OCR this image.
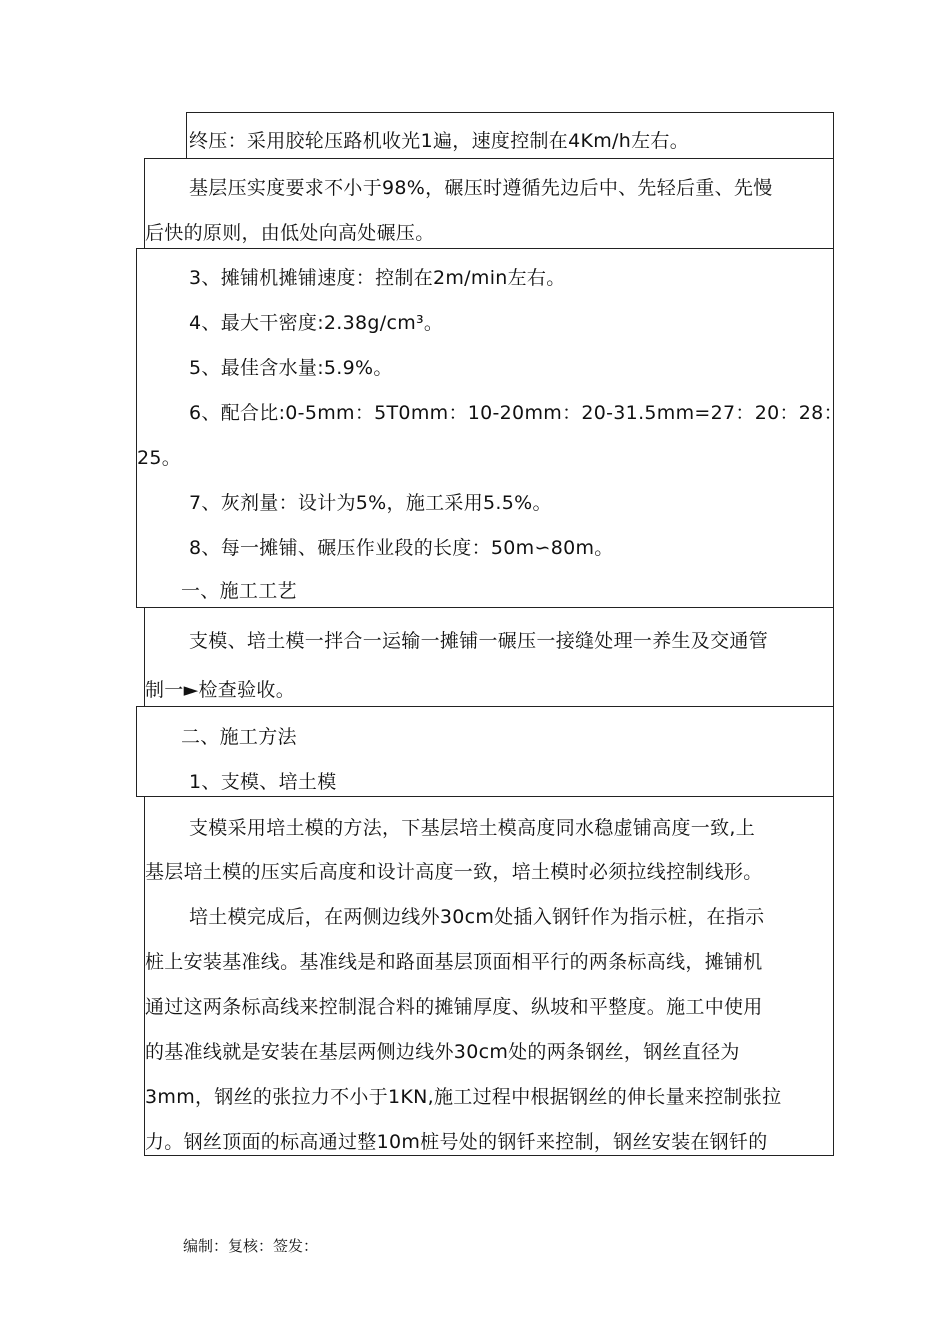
终压：采用胶轮压路机收光1遍，速度控制在4Km/h左右。
基层压实度要求不小于98%，碾压时遵循先边后中、先轻后重、先慢
后快的原则，由低处向高处碾压。
3、摊铺机摊铺速度：控制在2m/min左右。
4、最大干密度:2.38g/cm³。
5、最佳含水量:5.9%。
6、配合比:0-5mm：5T0mm：10-20mm：20-31.5mm=27：20：28：
25。
7、灰剂量：设计为5%，施工采用5.5%。
8、每一摊铺、碾压作业段的长度：50m∽80m。
一、施工工艺
支模、培土模一拌合一运输一摊铺一碾压一接缝处理一养生及交通管
制一►检查验收。
二、施工方法
1、支模、培土模
支模采用培土模的方法，下基层培土模高度同水稳虚铺高度一致,上
基层培土模的压实后高度和设计高度一致，培土模时必须拉线控制线形。
培土模完成后，在两侧边线外30cm处插入钢钎作为指示桩，在指示
桩上安装基准线。基准线是和路面基层顶面相平行的两条标高线，摊铺机
通过这两条标高线来控制混合料的摊铺厚度、纵坡和平整度。施工中使用
的基准线就是安装在基层两侧边线外30cm处的两条钢丝，钢丝直径为
3mm，钢丝的张拉力不小于1KN,施工过程中根据钢丝的伸长量来控制张拉
力。钢丝顶面的标高通过整10m桩号处的钢钎来控制，钢丝安装在钢钎的
编制：复核：签发：
